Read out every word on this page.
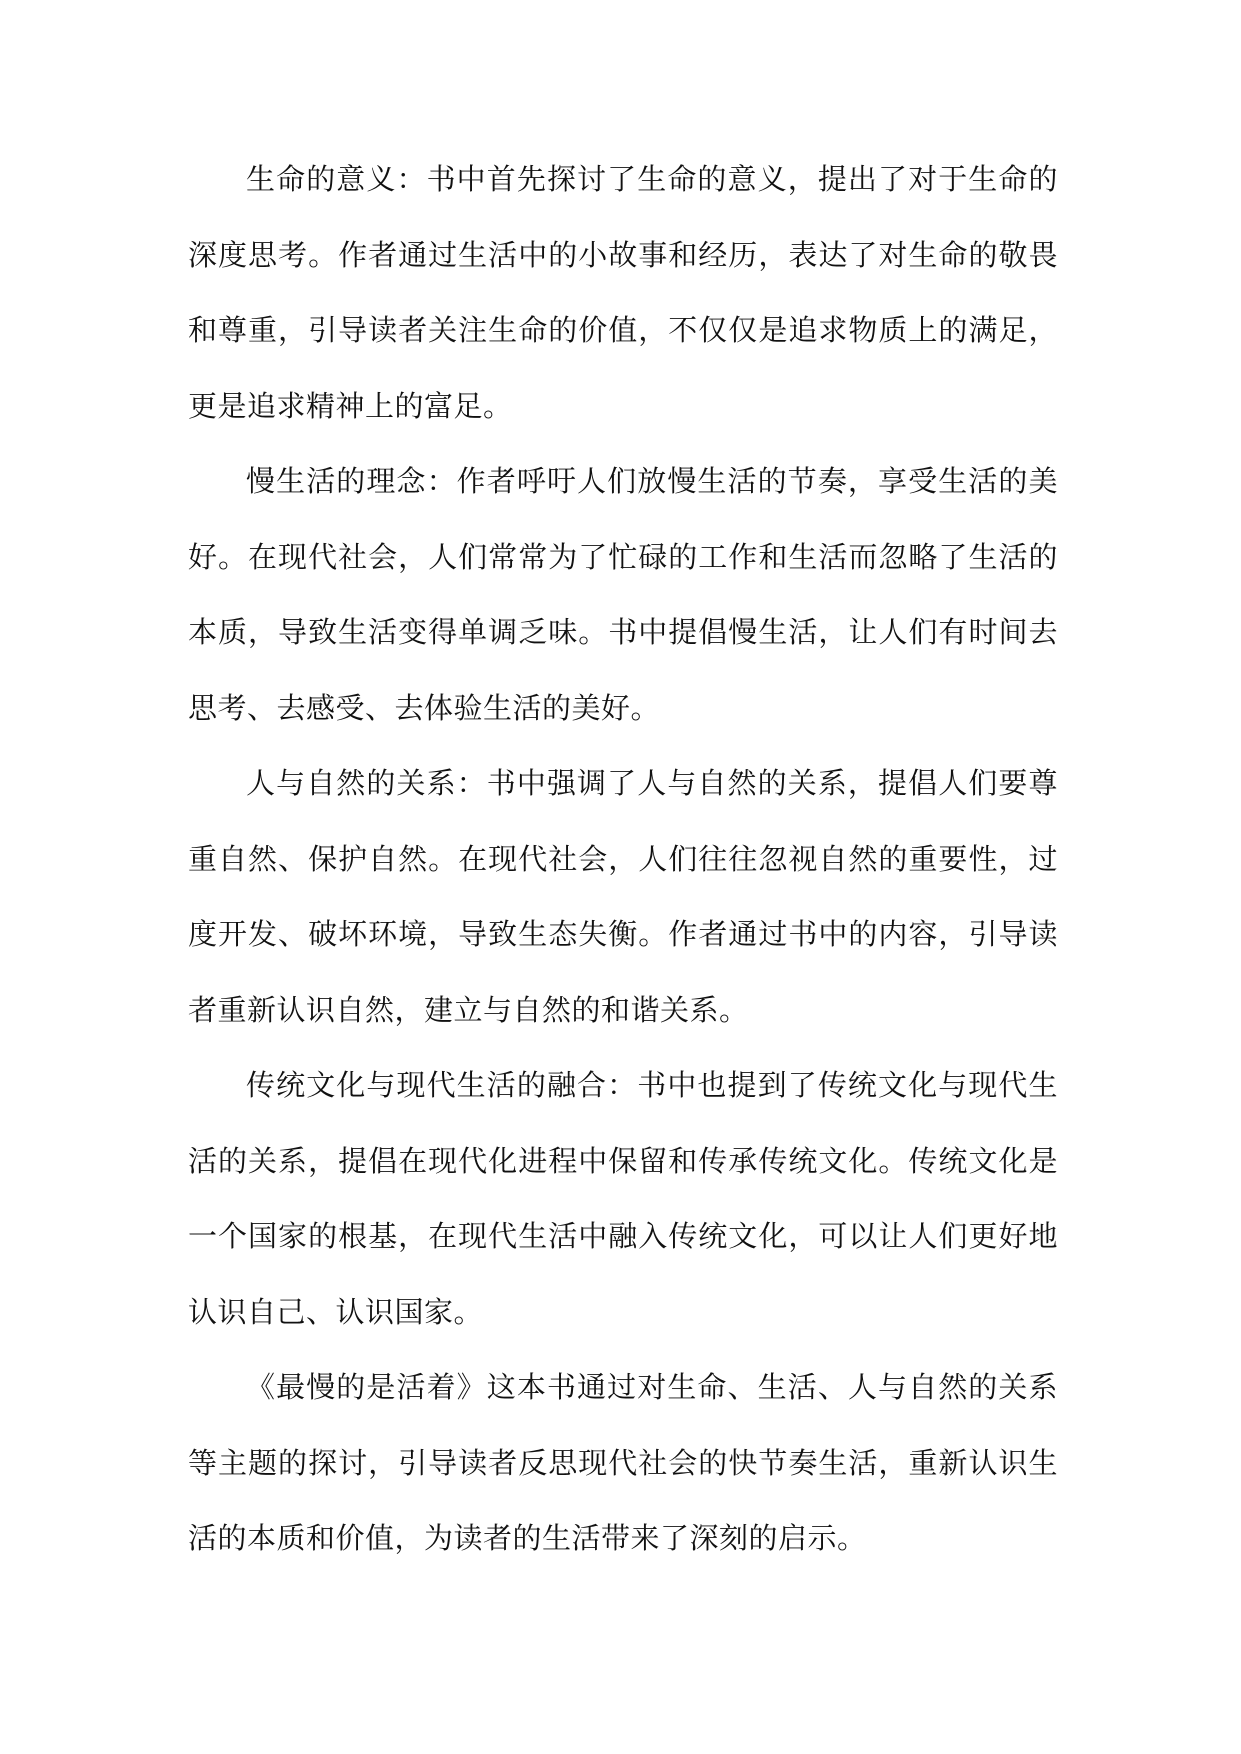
生命的意义：书中首先探讨了生命的意义，提出了对于生命的深度思考。作者通过生活中的小故事和经历，表达了对生命的敬畏和尊重，引导读者关注生命的价值，不仅仅是追求物质上的满足，更是追求精神上的富足。

慢生活的理念：作者呼吁人们放慢生活的节奏，享受生活的美好。在现代社会，人们常常为了忙碌的工作和生活而忽略了生活的本质，导致生活变得单调乏味。书中提倡慢生活，让人们有时间去思考、去感受、去体验生活的美好。

人与自然的关系：书中强调了人与自然的关系，提倡人们要尊重自然、保护自然。在现代社会，人们往往忽视自然的重要性，过度开发、破坏环境，导致生态失衡。作者通过书中的内容，引导读者重新认识自然，建立与自然的和谐关系。

传统文化与现代生活的融合：书中也提到了传统文化与现代生活的关系，提倡在现代化进程中保留和传承传统文化。传统文化是一个国家的根基，在现代生活中融入传统文化，可以让人们更好地认识自己、认识国家。

《最慢的是活着》这本书通过对生命、生活、人与自然的关系等主题的探讨，引导读者反思现代社会的快节奏生活，重新认识生活的本质和价值，为读者的生活带来了深刻的启示。
